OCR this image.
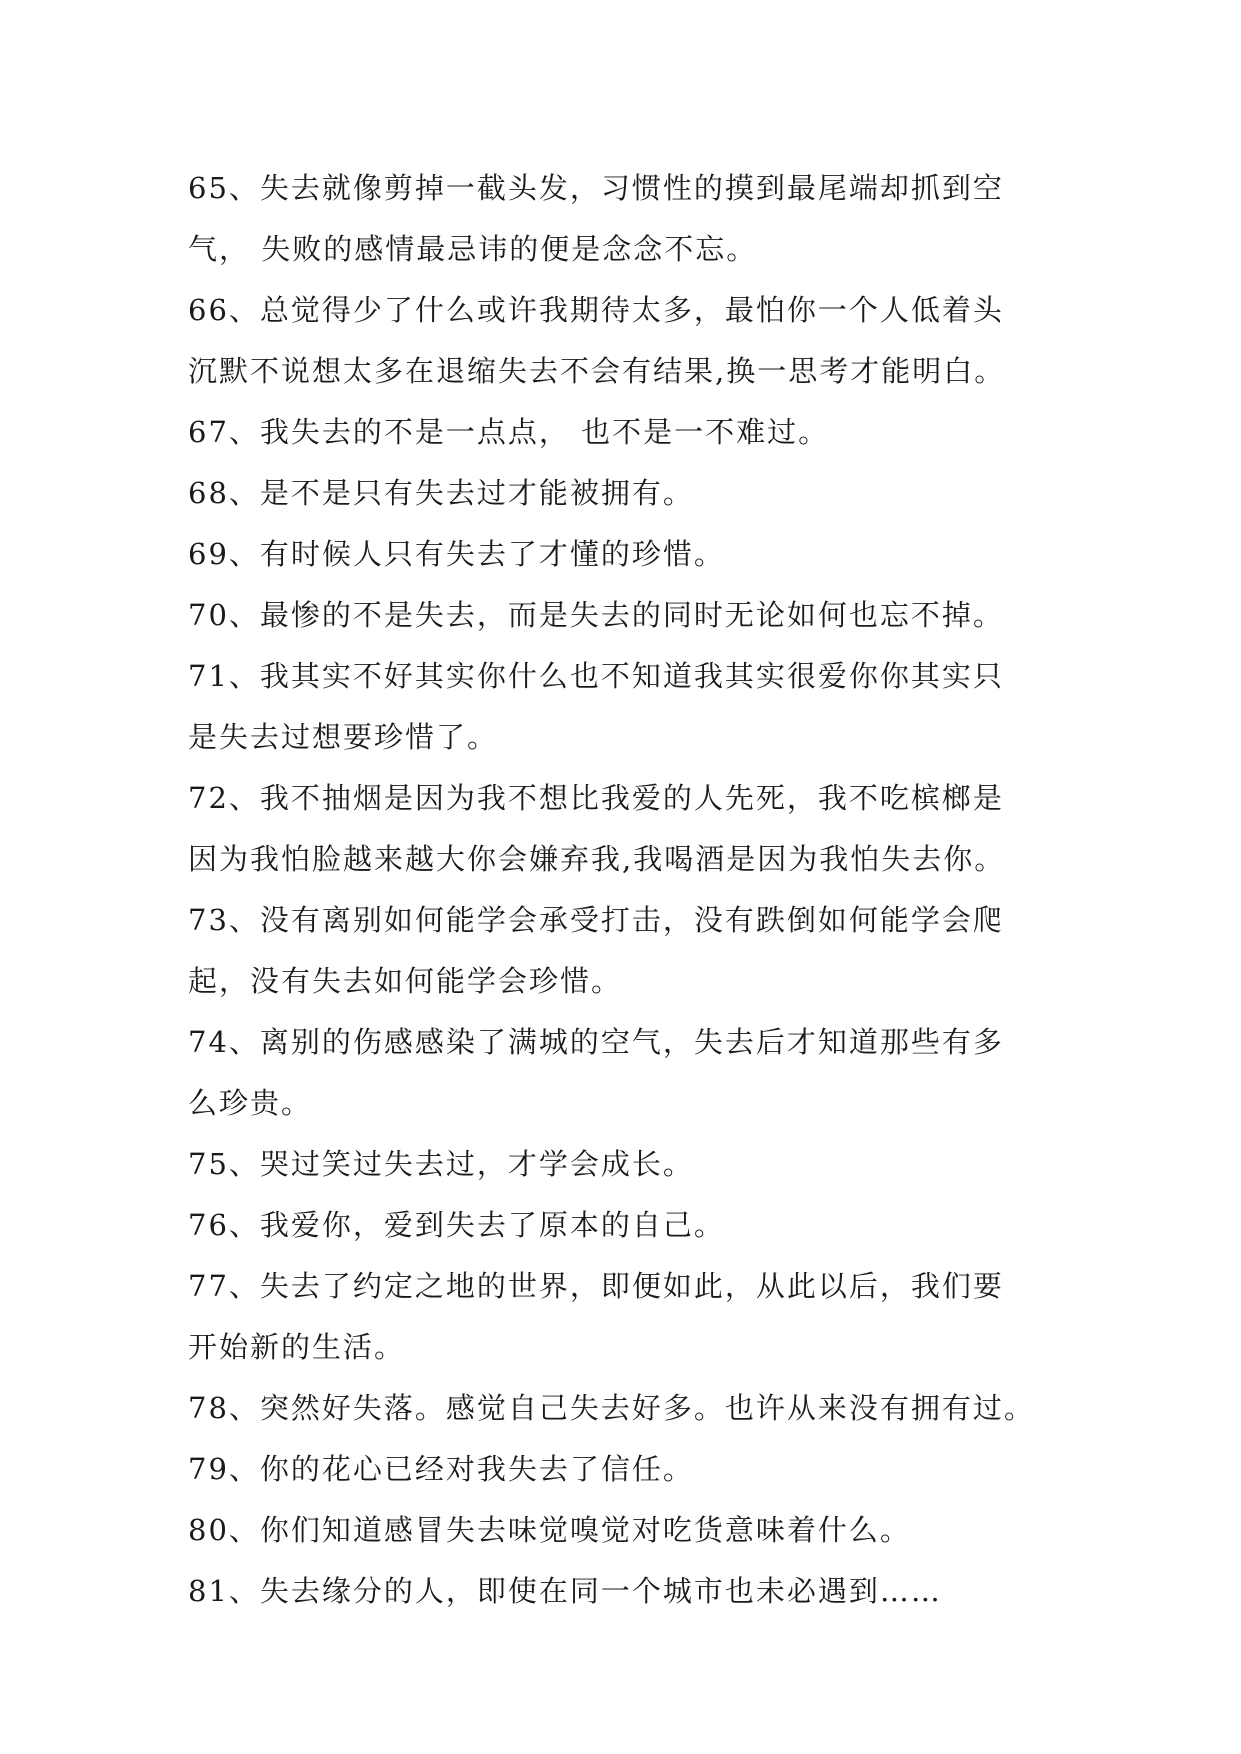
65、失去就像剪掉一截头发，习惯性的摸到最尾端却抓到空
气， 失败的感情最忌讳的便是念念不忘。
66、总觉得少了什么或许我期待太多，最怕你一个人低着头
沉默不说想太多在退缩失去不会有结果,换一思考才能明白。
67、我失去的不是一点点， 也不是一不难过。
68、是不是只有失去过才能被拥有。
69、有时候人只有失去了才懂的珍惜。
70、最惨的不是失去，而是失去的同时无论如何也忘不掉。
71、我其实不好其实你什么也不知道我其实很爱你你其实只
是失去过想要珍惜了。
72、我不抽烟是因为我不想比我爱的人先死，我不吃槟榔是
因为我怕脸越来越大你会嫌弃我,我喝酒是因为我怕失去你。
73、没有离别如何能学会承受打击，没有跌倒如何能学会爬
起，没有失去如何能学会珍惜。
74、离别的伤感感染了满城的空气，失去后才知道那些有多
么珍贵。
75、哭过笑过失去过，才学会成长。
76、我爱你，爱到失去了原本的自己。
77、失去了约定之地的世界，即便如此，从此以后，我们要
开始新的生活。
78、突然好失落。感觉自己失去好多。也许从来没有拥有过。
79、你的花心已经对我失去了信任。
80、你们知道感冒失去味觉嗅觉对吃货意味着什么。
81、失去缘分的人，即使在同一个城市也未必遇到……
